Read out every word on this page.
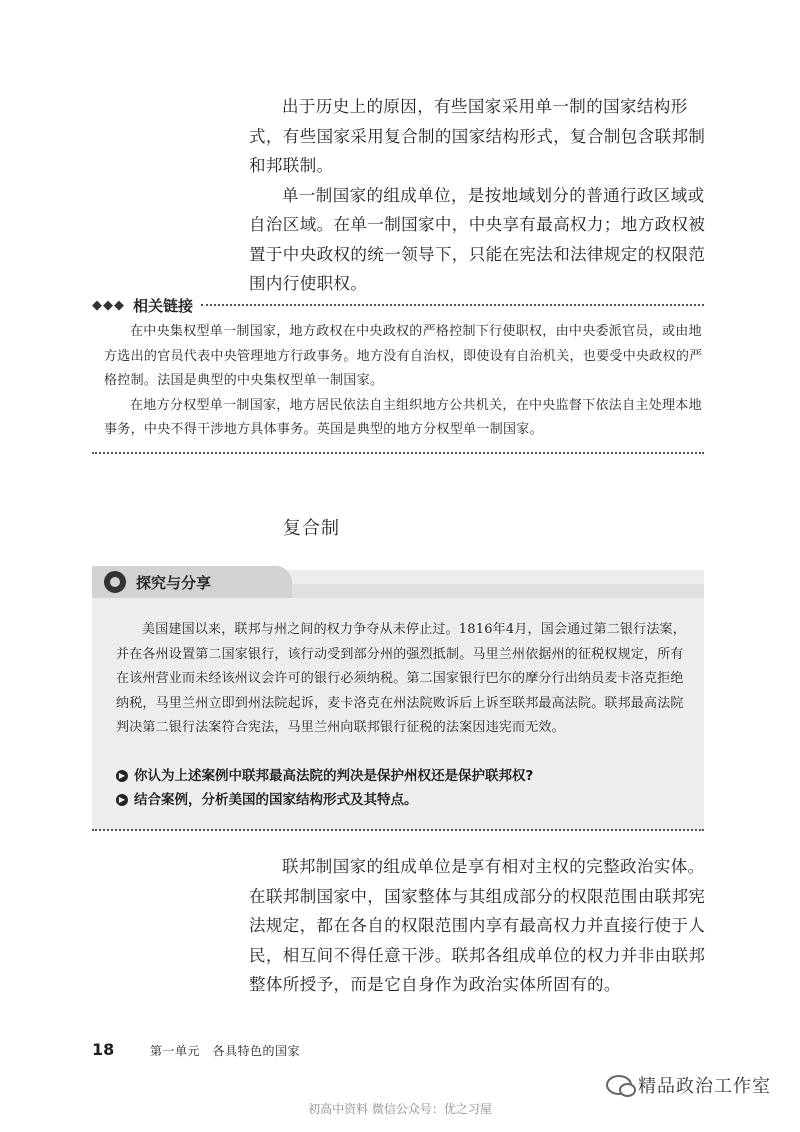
出于历史上的原因，有些国家采用单一制的国家结构形式，有些国家采用复合制的国家结构形式，复合制包含联邦制和邦联制。

单一制国家的组成单位，是按地域划分的普通行政区域或自治区域。在单一制国家中，中央享有最高权力；地方政权被置于中央政权的统一领导下，只能在宪法和法律规定的权限范围内行使职权。

◆◆◆ 相关链接

在中央集权型单一制国家，地方政权在中央政权的严格控制下行使职权，由中央委派官员，或由地方选出的官员代表中央管理地方行政事务。地方没有自治权，即使设有自治机关，也要受中央政权的严格控制。法国是典型的中央集权型单一制国家。

在地方分权型单一制国家，地方居民依法自主组织地方公共机关，在中央监督下依法自主处理本地事务，中央不得干涉地方具体事务。英国是典型的地方分权型单一制国家。

复合制
探究与分享

美国建国以来，联邦与州之间的权力争夺从未停止过。1816年4月，国会通过第二银行法案，并在各州设置第二国家银行，该行动受到部分州的强烈抵制。马里兰州依据州的征税权规定，所有在该州营业而未经该州议会许可的银行必须纳税。第二国家银行巴尔的摩分行出纳员麦卡洛克拒绝纳税，马里兰州立即到州法院起诉，麦卡洛克在州法院败诉后上诉至联邦最高法院。联邦最高法院判决第二银行法案符合宪法，马里兰州向联邦银行征税的法案因违宪而无效。

▶ 你认为上述案例中联邦最高法院的判决是保护州权还是保护联邦权?
▶ 结合案例，分析美国的国家结构形式及其特点。

联邦制国家的组成单位是享有相对主权的完整政治实体。在联邦制国家中，国家整体与其组成部分的权限范围由联邦宪法规定，都在各自的权限范围内享有最高权力并直接行使于人民，相互间不得任意干涉。联邦各组成单位的权力并非由联邦整体所授予，而是它自身作为政治实体所固有的。

18	第一单元　各具特色的国家
精品政治工作室
初高中资料 微信公众号：优之习屋
